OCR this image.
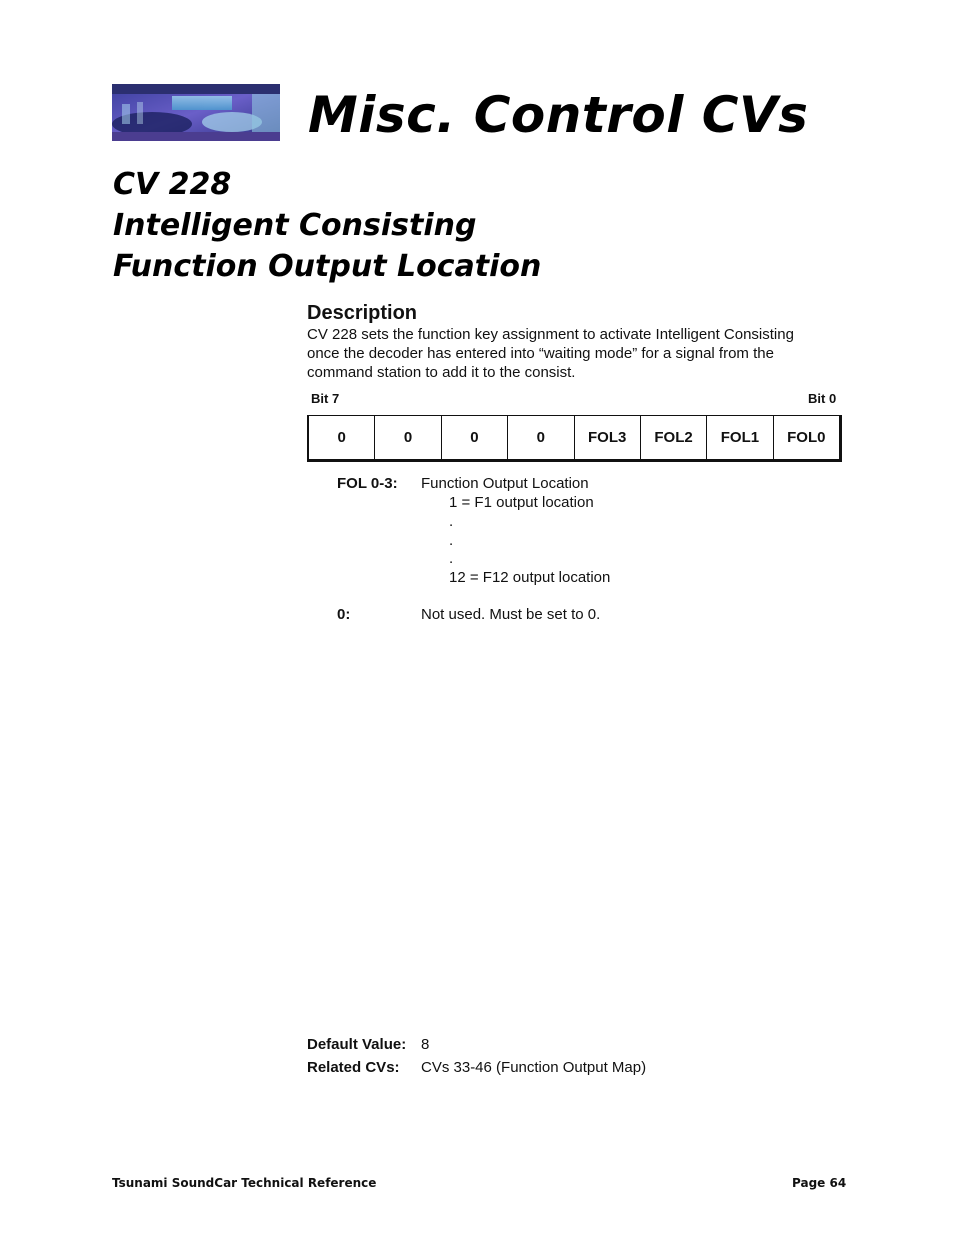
Misc. Control CVs
CV 228
Intelligent Consisting
Function Output Location
Description
CV 228 sets the function key assignment to activate Intelligent Consisting
once the decoder has entered into “waiting mode” for a signal from the
command station to add it to the consist.
Bit 7	Bit 0
0	0	0	0	FOL3	FOL2	FOL1	FOL0
FOL 0-3: Function Output Location
1 = F1 output location
.
.
.
12 = F12 output location
0:	Not used. Must be set to 0.
Default Value: 8
Related CVs: CVs 33-46 (Function Output Map)
Tsunami SoundCar Technical Reference	Page 64
